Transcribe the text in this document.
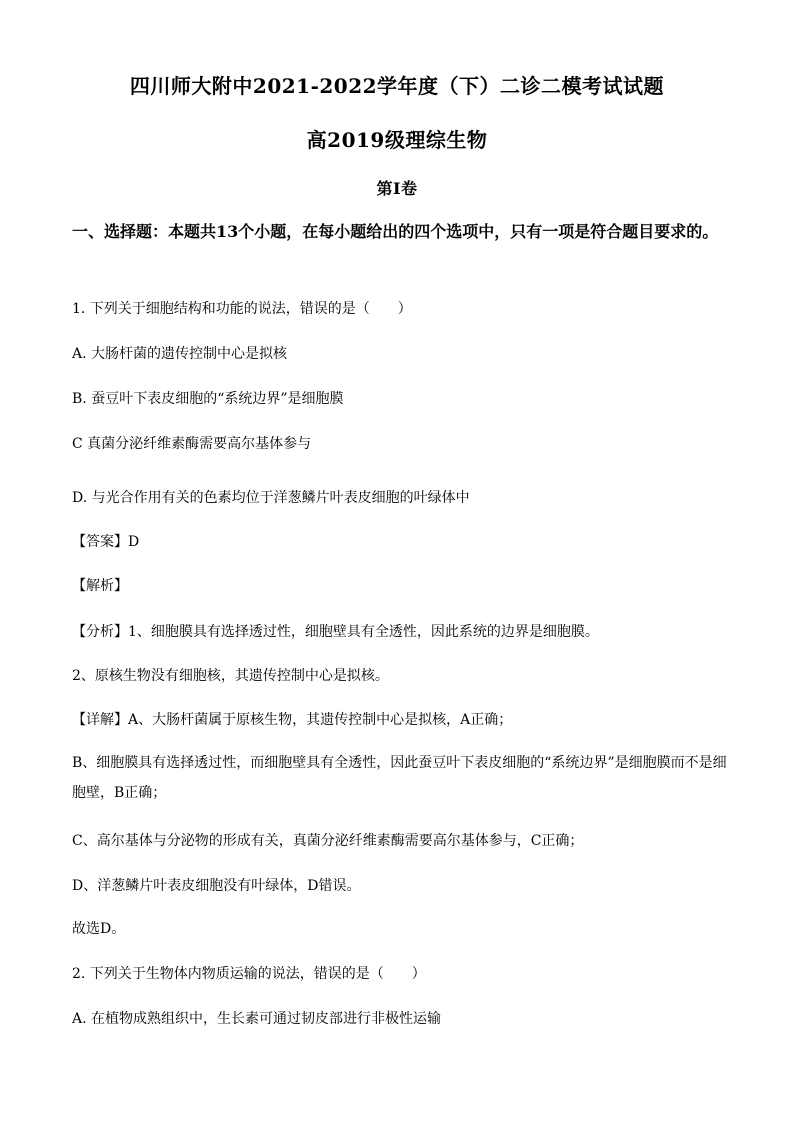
四川师大附中2021-2022学年度（下）二诊二模考试试题
高2019级理综生物
第I卷
一、选择题：本题共13个小题，在每小题给出的四个选项中，只有一项是符合题目要求的。
1. 下列关于细胞结构和功能的说法，错误的是（　　）
A. 大肠杆菌的遗传控制中心是拟核
B. 蚕豆叶下表皮细胞的“系统边界”是细胞膜
C 真菌分泌纤维素酶需要高尔基体参与
D. 与光合作用有关的色素均位于洋葱鳞片叶表皮细胞的叶绿体中
【答案】D
【解析】
【分析】1、细胞膜具有选择透过性，细胞壁具有全透性，因此系统的边界是细胞膜。
2、原核生物没有细胞核，其遗传控制中心是拟核。
【详解】A、大肠杆菌属于原核生物，其遗传控制中心是拟核，A正确；
B、细胞膜具有选择透过性，而细胞壁具有全透性，因此蚕豆叶下表皮细胞的“系统边界”是细胞膜而不是细胞壁，B正确；
C、高尔基体与分泌物的形成有关，真菌分泌纤维素酶需要高尔基体参与，C正确；
D、洋葱鳞片叶表皮细胞没有叶绿体，D错误。
故选D。
2. 下列关于生物体内物质运输的说法，错误的是（　　）
A. 在植物成熟组织中，生长素可通过韧皮部进行非极性运输
